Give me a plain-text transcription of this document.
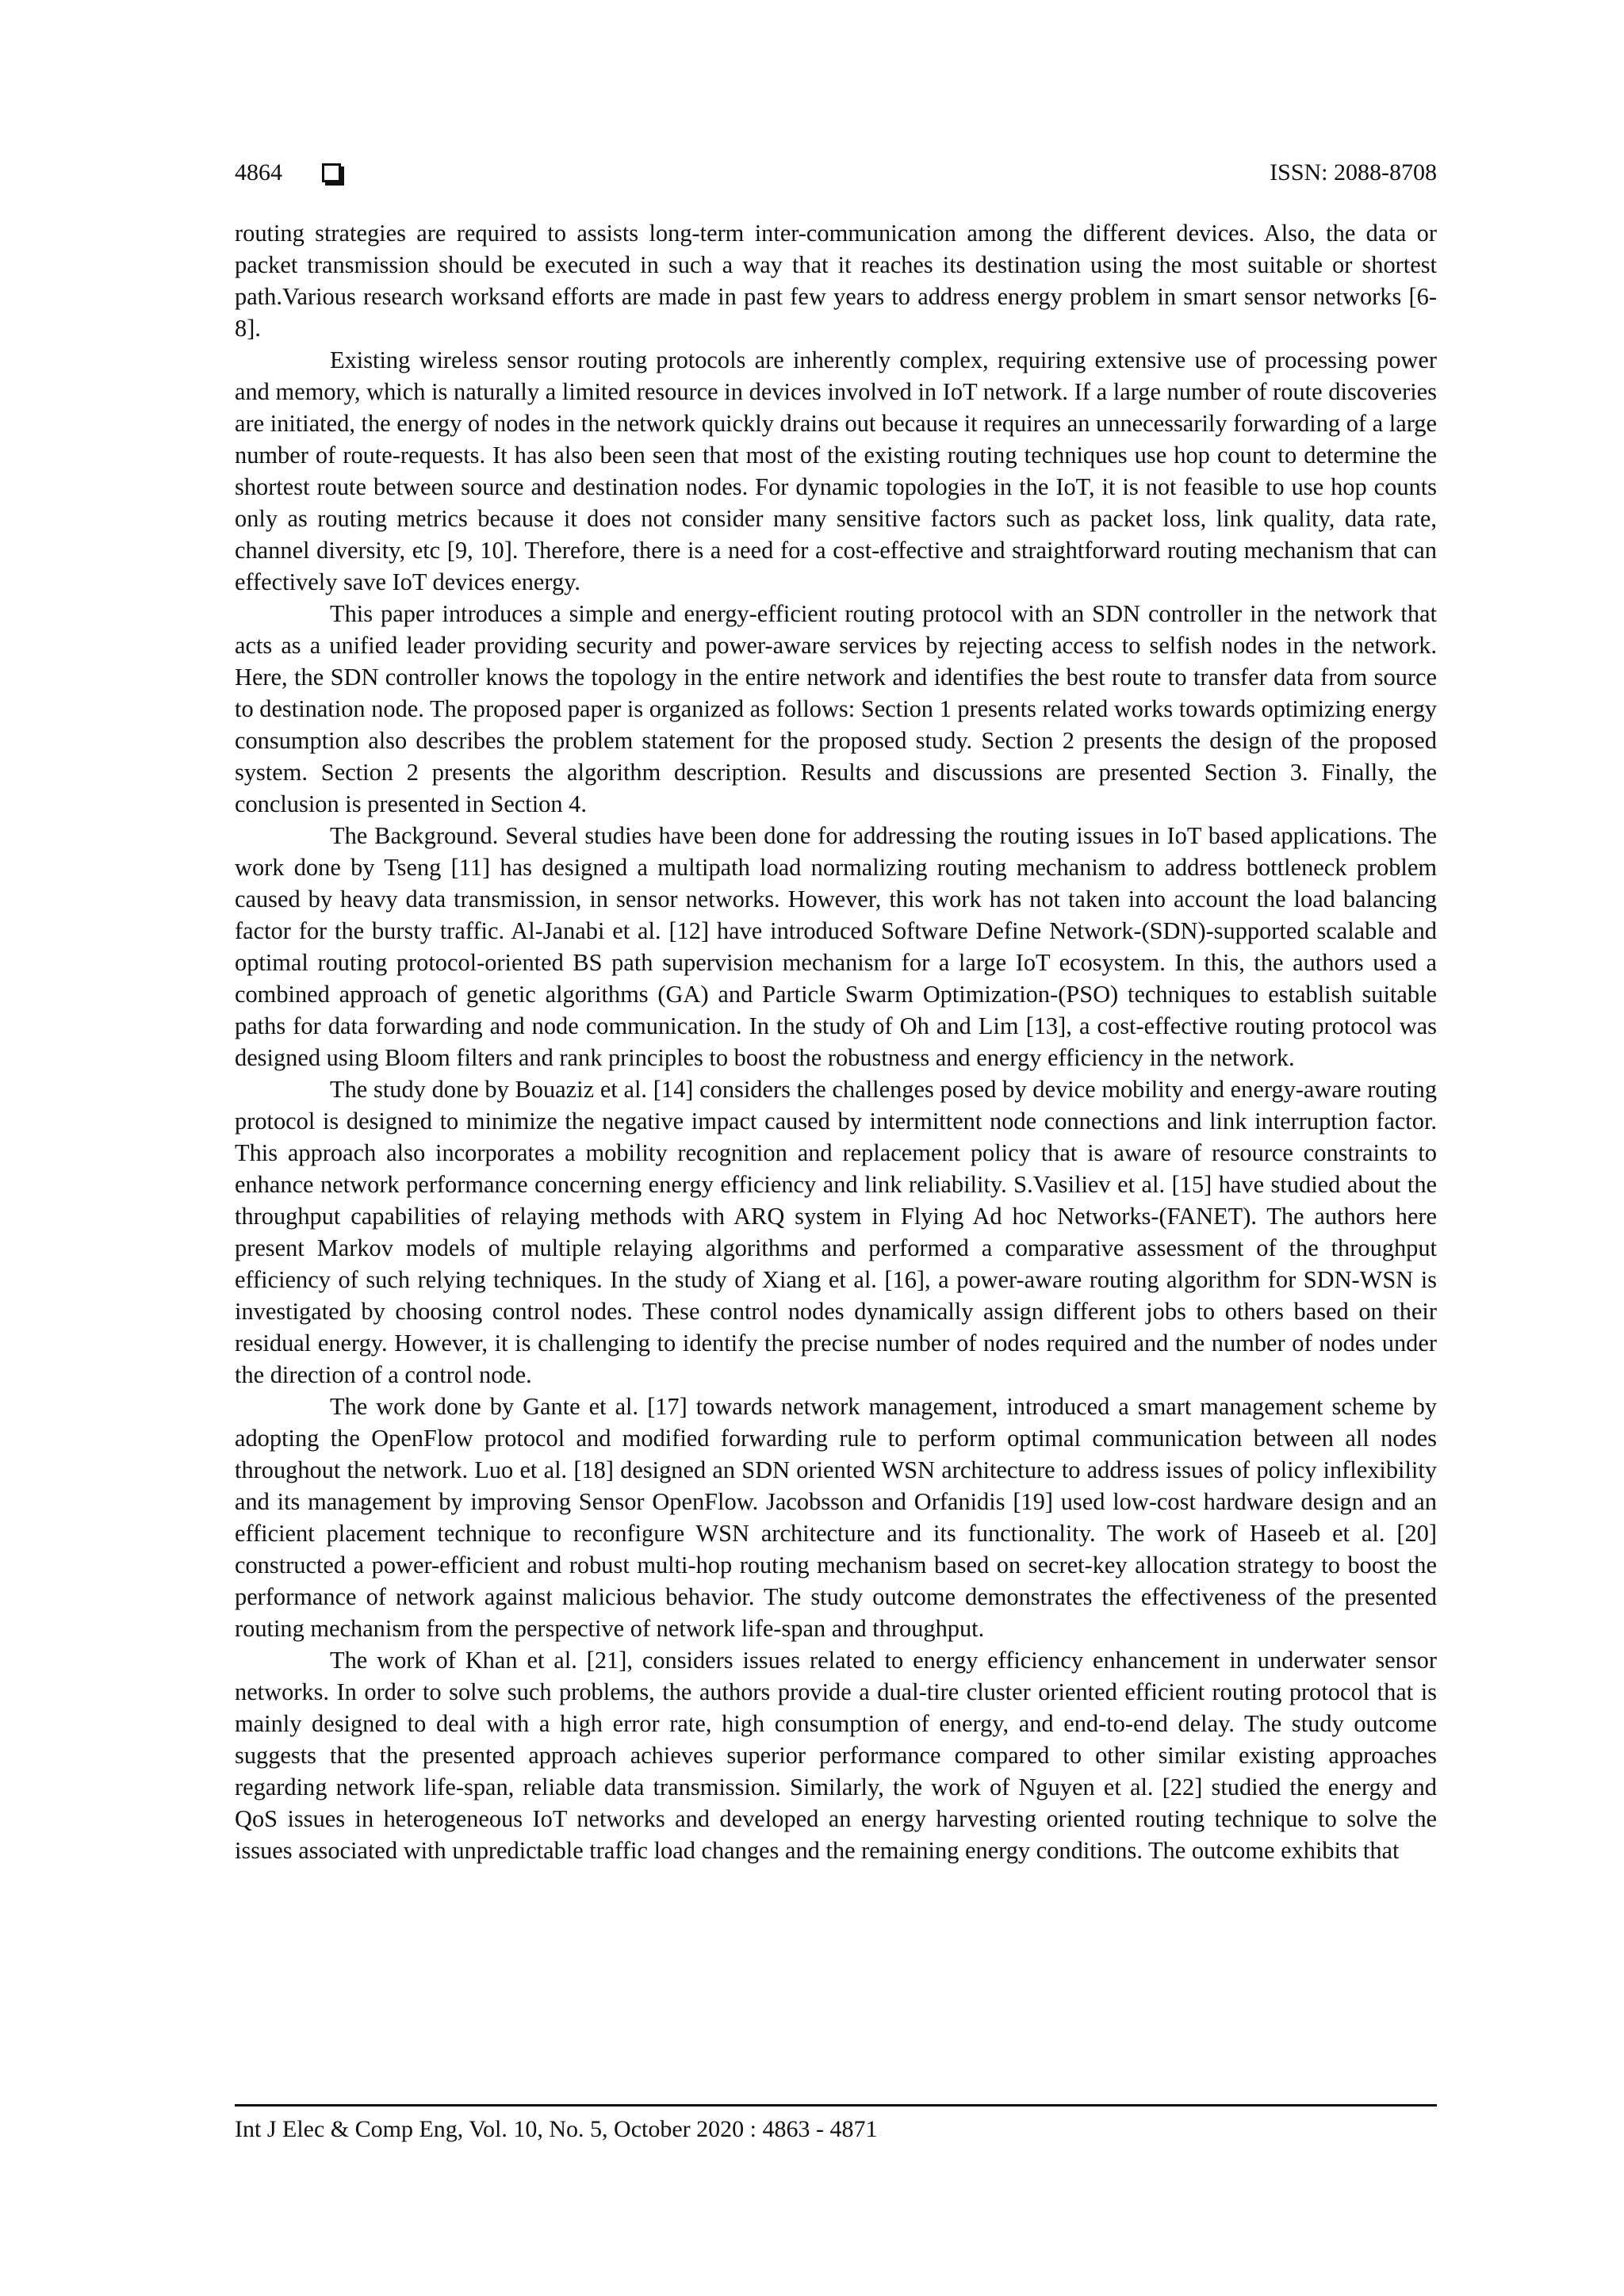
4864	ISSN: 2088-8708

routing strategies are required to assists long-term inter-communication among the different devices. Also, the data or packet transmission should be executed in such a way that it reaches its destination using the most suitable or shortest path.Various research worksand efforts are made in past few years to address energy problem in smart sensor networks [6-8].

Existing wireless sensor routing protocols are inherently complex, requiring extensive use of processing power and memory, which is naturally a limited resource in devices involved in IoT network. If a large number of route discoveries are initiated, the energy of nodes in the network quickly drains out because it requires an unnecessarily forwarding of a large number of route-requests. It has also been seen that most of the existing routing techniques use hop count to determine the shortest route between source and destination nodes. For dynamic topologies in the IoT, it is not feasible to use hop counts only as routing metrics because it does not consider many sensitive factors such as packet loss, link quality, data rate, channel diversity, etc [9, 10]. Therefore, there is a need for a cost-effective and straightforward routing mechanism that can effectively save IoT devices energy.

This paper introduces a simple and energy-efficient routing protocol with an SDN controller in the network that acts as a unified leader providing security and power-aware services by rejecting access to selfish nodes in the network. Here, the SDN controller knows the topology in the entire network and identifies the best route to transfer data from source to destination node. The proposed paper is organized as follows: Section 1 presents related works towards optimizing energy consumption also describes the problem statement for the proposed study. Section 2 presents the design of the proposed system. Section 2 presents the algorithm description. Results and discussions are presented Section 3. Finally, the conclusion is presented in Section 4.

The Background. Several studies have been done for addressing the routing issues in IoT based applications. The work done by Tseng [11] has designed a multipath load normalizing routing mechanism to address bottleneck problem caused by heavy data transmission, in sensor networks. However, this work has not taken into account the load balancing factor for the bursty traffic. Al-Janabi et al. [12] have introduced Software Define Network-(SDN)-supported scalable and optimal routing protocol-oriented BS path supervision mechanism for a large IoT ecosystem. In this, the authors used a combined approach of genetic algorithms (GA) and Particle Swarm Optimization-(PSO) techniques to establish suitable paths for data forwarding and node communication. In the study of Oh and Lim [13], a cost-effective routing protocol was designed using Bloom filters and rank principles to boost the robustness and energy efficiency in the network.

The study done by Bouaziz et al. [14] considers the challenges posed by device mobility and energy-aware routing protocol is designed to minimize the negative impact caused by intermittent node connections and link interruption factor. This approach also incorporates a mobility recognition and replacement policy that is aware of resource constraints to enhance network performance concerning energy efficiency and link reliability. S.Vasiliev et al. [15] have studied about the throughput capabilities of relaying methods with ARQ system in Flying Ad hoc Networks-(FANET). The authors here present Markov models of multiple relaying algorithms and performed a comparative assessment of the throughput efficiency of such relying techniques. In the study of Xiang et al. [16], a power-aware routing algorithm for SDN-WSN is investigated by choosing control nodes. These control nodes dynamically assign different jobs to others based on their residual energy. However, it is challenging to identify the precise number of nodes required and the number of nodes under the direction of a control node.

The work done by Gante et al. [17] towards network management, introduced a smart management scheme by adopting the OpenFlow protocol and modified forwarding rule to perform optimal communication between all nodes throughout the network. Luo et al. [18] designed an SDN oriented WSN architecture to address issues of policy inflexibility and its management by improving Sensor OpenFlow. Jacobsson and Orfanidis [19] used low-cost hardware design and an efficient placement technique to reconfigure WSN architecture and its functionality. The work of Haseeb et al. [20] constructed a power-efficient and robust multi-hop routing mechanism based on secret-key allocation strategy to boost the performance of network against malicious behavior. The study outcome demonstrates the effectiveness of the presented routing mechanism from the perspective of network life-span and throughput.

The work of Khan et al. [21], considers issues related to energy efficiency enhancement in underwater sensor networks. In order to solve such problems, the authors provide a dual-tire cluster oriented efficient routing protocol that is mainly designed to deal with a high error rate, high consumption of energy, and end-to-end delay. The study outcome suggests that the presented approach achieves superior performance compared to other similar existing approaches regarding network life-span, reliable data transmission. Similarly, the work of Nguyen et al. [22] studied the energy and QoS issues in heterogeneous IoT networks and developed an energy harvesting oriented routing technique to solve the issues associated with unpredictable traffic load changes and the remaining energy conditions. The outcome exhibits that

Int J Elec & Comp Eng, Vol. 10, No. 5, October 2020 : 4863 - 4871
